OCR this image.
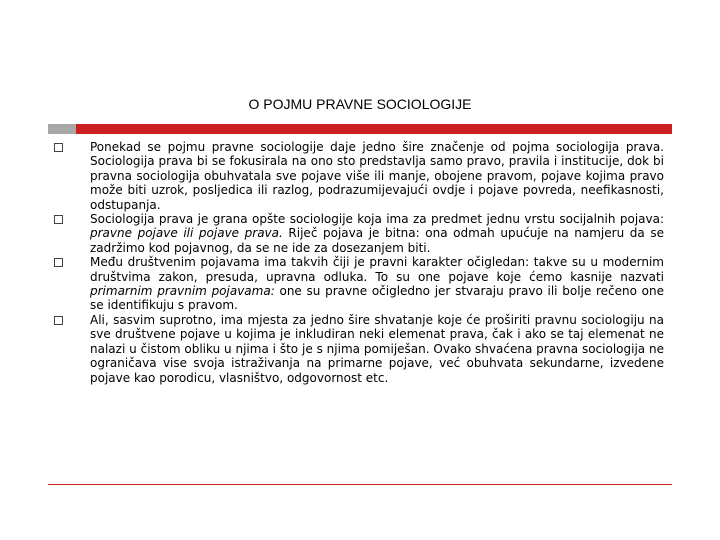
O POJMU PRAVNE SOCIOLOGIJE
Ponekad se pojmu pravne sociologije daje jedno šire značenje od pojma sociologija prava. Sociologija prava bi se fokusirala na ono sto predstavlja samo pravo, pravila i institucije, dok bi pravna sociologija obuhvatala sve pojave više ili manje, obojene pravom, pojave kojima pravo može biti uzrok, posljedica ili razlog, podrazumijevajući ovdje i pojave povreda, neefikasnosti, odstupanja.
Sociologija prava je grana opšte sociologije koja ima za predmet jednu vrstu socijalnih pojava: pravne pojave ili pojave prava. Riječ pojava je bitna: ona odmah upućuje na namjeru da se zadržimo kod pojavnog, da se ne ide za dosezanjem biti.
Među društvenim pojavama ima takvih čiji je pravni karakter očigledan: takve su u modernim društvima zakon, presuda, upravna odluka. To su one pojave koje ćemo kasnije nazvati primarnim pravnim pojavama: one su pravne očigledno jer stvaraju pravo ili bolje rečeno one se identifikuju s pravom.
Ali, sasvim suprotno, ima mjesta za jedno šire shvatanje koje će proširiti pravnu sociologiju na sve društvene pojave u kojima je inkludiran neki elemenat prava, čak i ako se taj elemenat ne nalazi u čistom obliku u njima i što je s njima pomiješan. Ovako shvaćena pravna sociologija ne ograničava vise svoja istraživanja na primarne pojave, već obuhvata sekundarne, izvedene pojave kao porodicu, vlasništvo, odgovornost etc.
